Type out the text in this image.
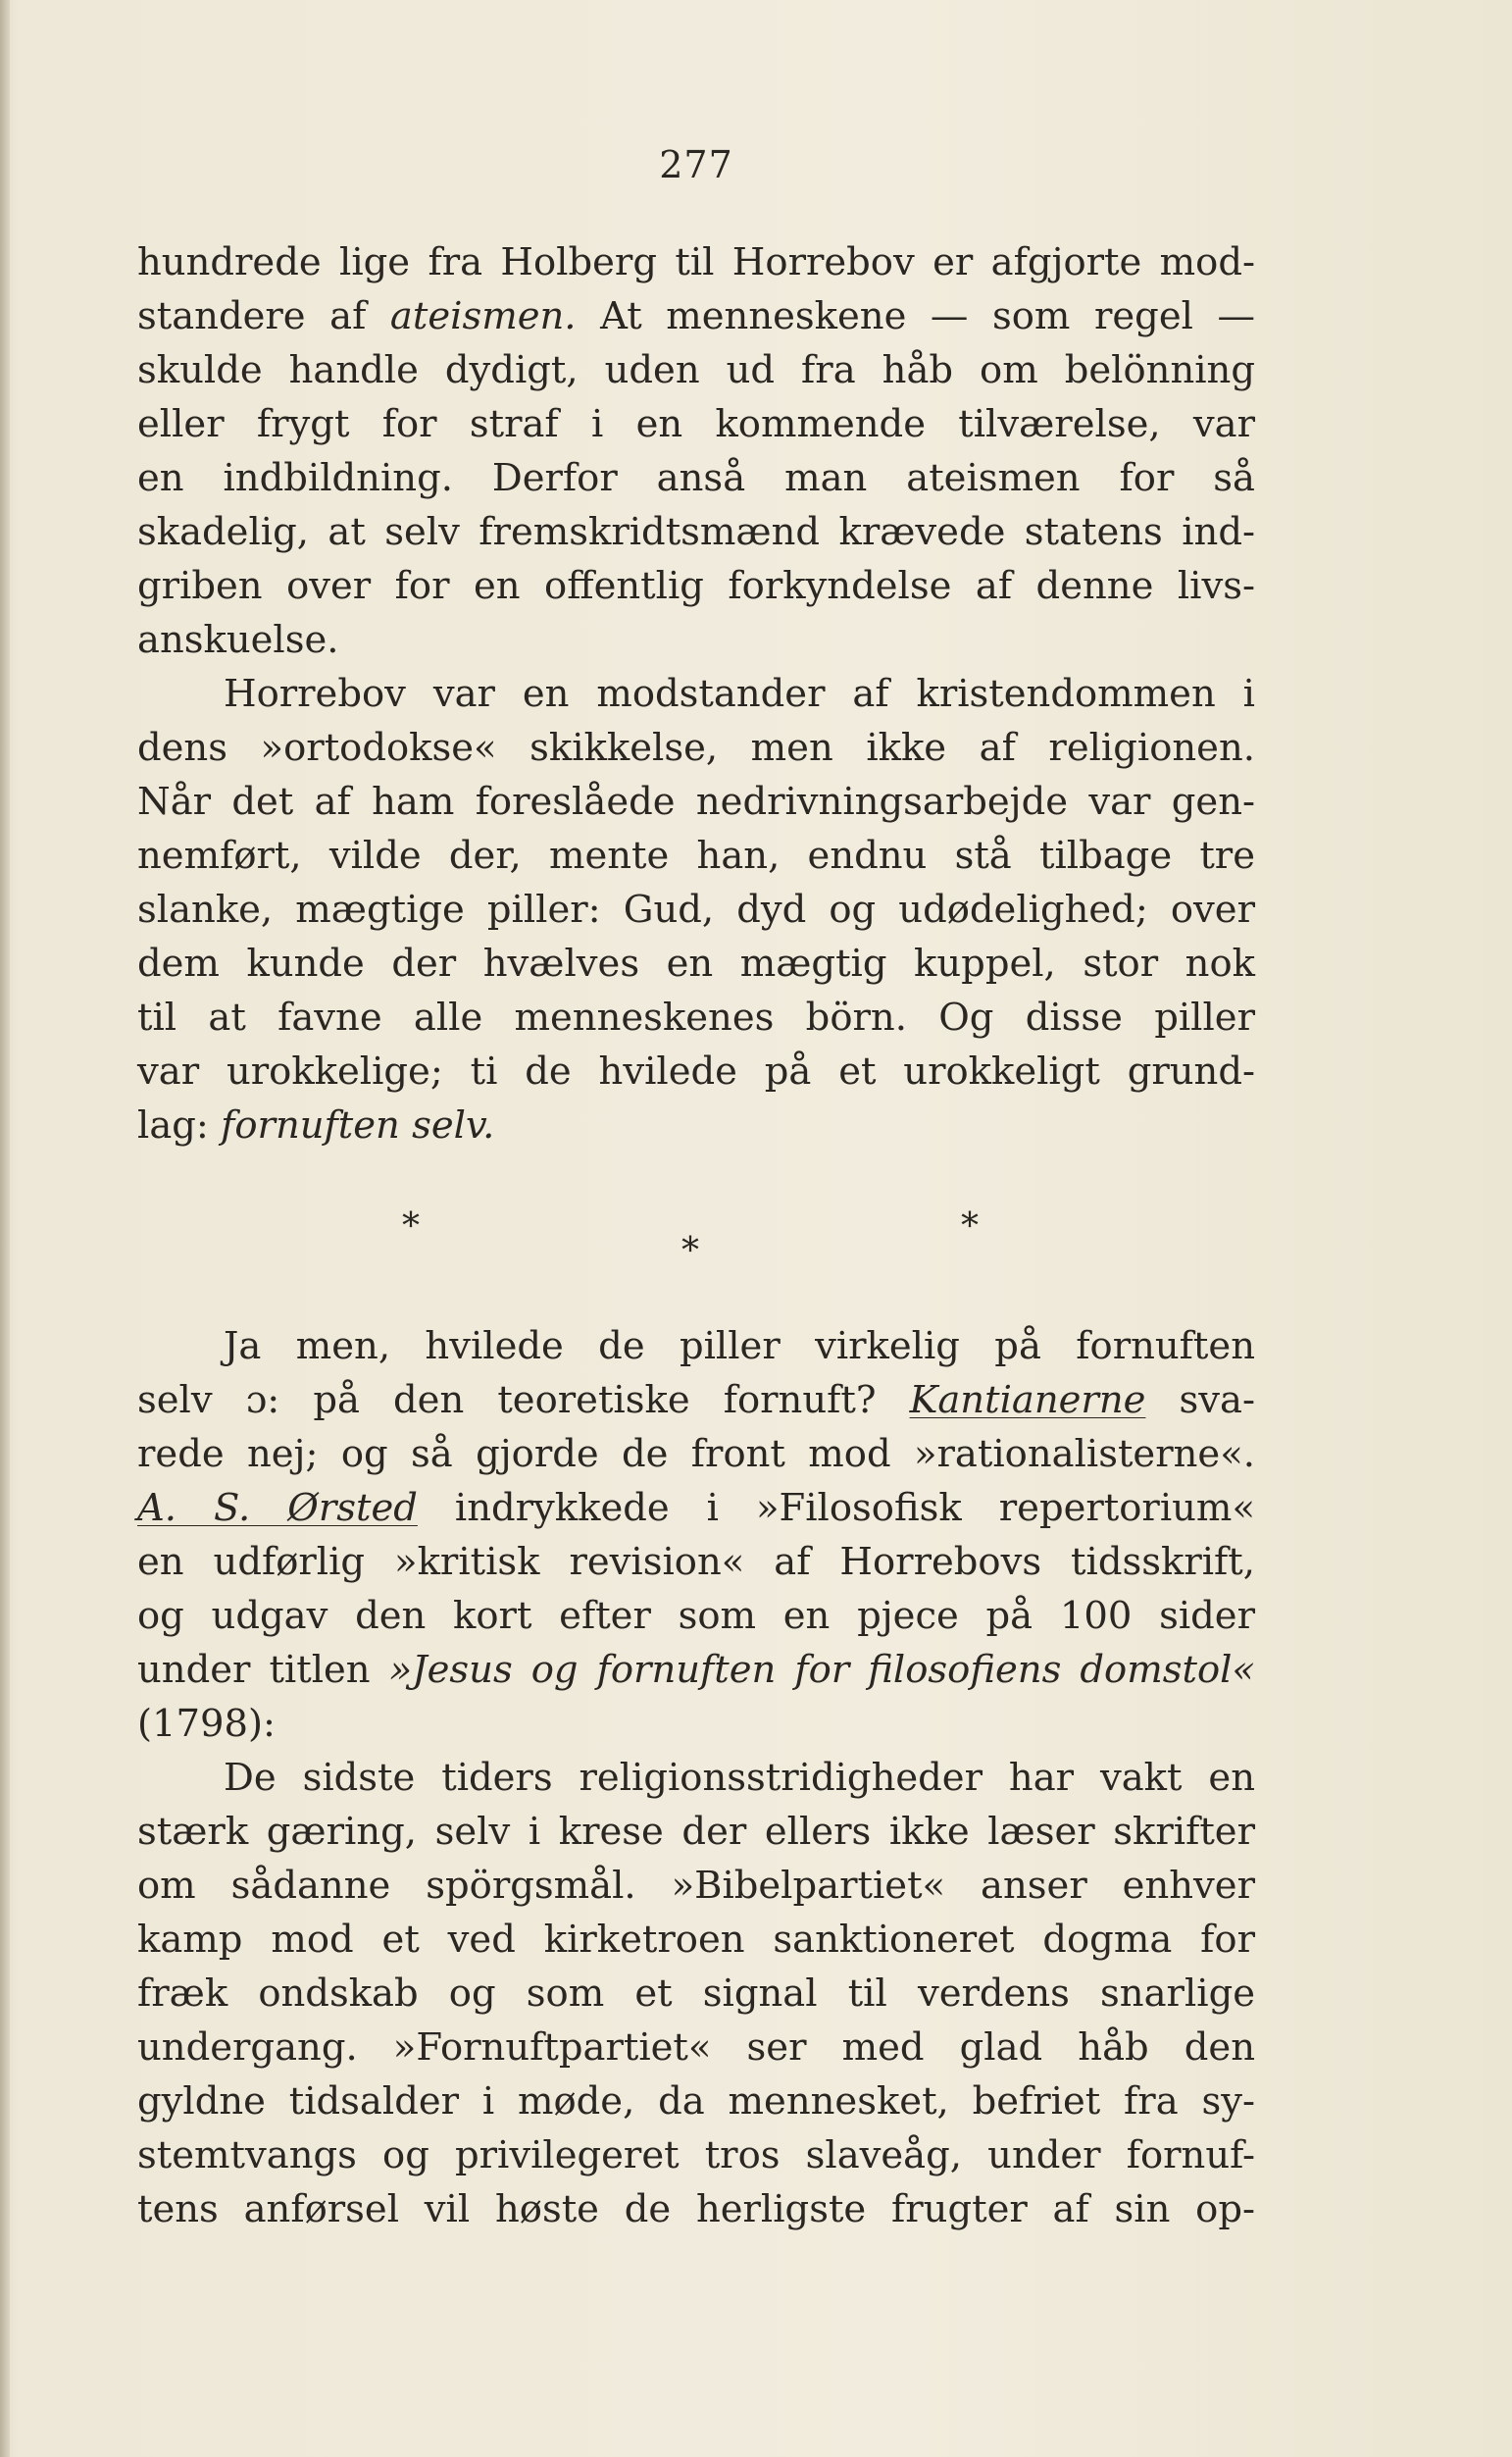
277
hundrede lige fra Holberg til Horrebov er afgjorte mod-
standere af ateismen. At menneskene — som regel —
skulde handle dydigt, uden ud fra håb om belönning
eller frygt for straf i en kommende tilværelse, var
en indbildning. Derfor anså man ateismen for så
skadelig, at selv fremskridtsmænd krævede statens ind-
griben over for en offentlig forkyndelse af denne livs-
anskuelse.
Horrebov var en modstander af kristendommen i
dens »ortodokse« skikkelse, men ikke af religionen.
Når det af ham foreslåede nedrivningsarbejde var gen-
nemført, vilde der, mente han, endnu stå tilbage tre
slanke, mægtige piller: Gud, dyd og udødelighed; over
dem kunde der hvælves en mægtig kuppel, stor nok
til at favne alle menneskenes börn. Og disse piller
var urokkelige; ti de hvilede på et urokkeligt grund-
lag: fornuften selv.
*	*
*
Ja men, hvilede de piller virkelig på fornuften
selv ɔ: på den teoretiske fornuft? Kantianerne sva-
rede nej; og så gjorde de front mod »rationalisterne«.
A. S. Ørsted indrykkede i »Filosofisk repertorium«
en udførlig »kritisk revision« af Horrebovs tidsskrift,
og udgav den kort efter som en pjece på 100 sider
under titlen »Jesus og fornuften for filosofiens domstol«
(1798):
De sidste tiders religionsstridigheder har vakt en
stærk gæring, selv i krese der ellers ikke læser skrifter
om sådanne spörgsmål. »Bibelpartiet« anser enhver
kamp mod et ved kirketroen sanktioneret dogma for
fræk ondskab og som et signal til verdens snarlige
undergang. »Fornuftpartiet« ser med glad håb den
gyldne tidsalder i møde, da mennesket, befriet fra sy-
stemtvangs og privilegeret tros slaveåg, under fornuf-
tens anførsel vil høste de herligste frugter af sin op-
